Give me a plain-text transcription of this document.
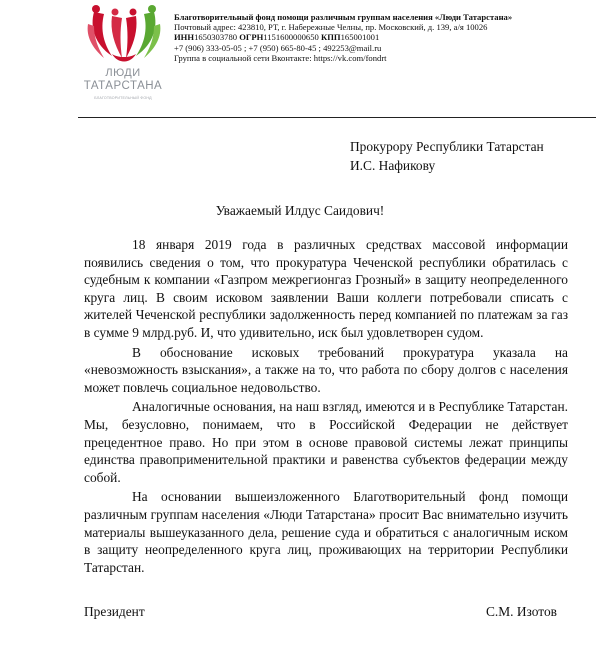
ЛЮДИ
ТАТАРСТАНА
БЛАГОТВОРИТЕЛЬНЫЙ ФОНД
Благотворительный фонд помощи различным группам населения «Люди Татарстана»
Почтовый адрес: 423810, РТ, г. Набережные Челны, пр. Московский, д. 139, а/я 10026
ИНН1650303780 ОГРН1151600000650 КПП165001001
+7 (906) 333-05-05 ; +7 (950) 665-80-45 ; 492253@mail.ru
Группа в социальной сети Вконтакте: https://vk.com/fondrt
Прокурору Республики Татарстан
И.С. Нафикову
Уважаемый Илдус Саидович!

18 января 2019 года в различных средствах массовой информации появились сведения о том, что прокуратура Чеченской республики обратилась с судебным к компании «Газпром межрегионгаз Грозный» в защиту неопределенного круга лиц. В своим исковом заявлении Ваши коллеги потребовали списать с жителей Чеченской республики задолженность перед компанией по платежам за газ в сумме 9 млрд.руб. И, что удивительно, иск был удовлетворен судом.

В обоснование исковых требований прокуратура указала на «невозможность взыскания», а также на то, что работа по сбору долгов с населения может повлечь социальное недовольство.

Аналогичные основания, на наш взгляд, имеются и в Республике Татарстан. Мы, безусловно, понимаем, что в Российской Федерации не действует прецедентное право. Но при этом в основе правовой системы лежат принципы единства правоприменительной практики и равенства субъектов федерации между собой.

На основании вышеизложенного Благотворительный фонд помощи различным группам населения «Люди Татарстана» просит Вас внимательно изучить материалы вышеуказанного дела, решение суда и обратиться с аналогичным иском в защиту неопределенного круга лиц, проживающих на территории Республики Татарстан.

Президент	С.М. Изотов
